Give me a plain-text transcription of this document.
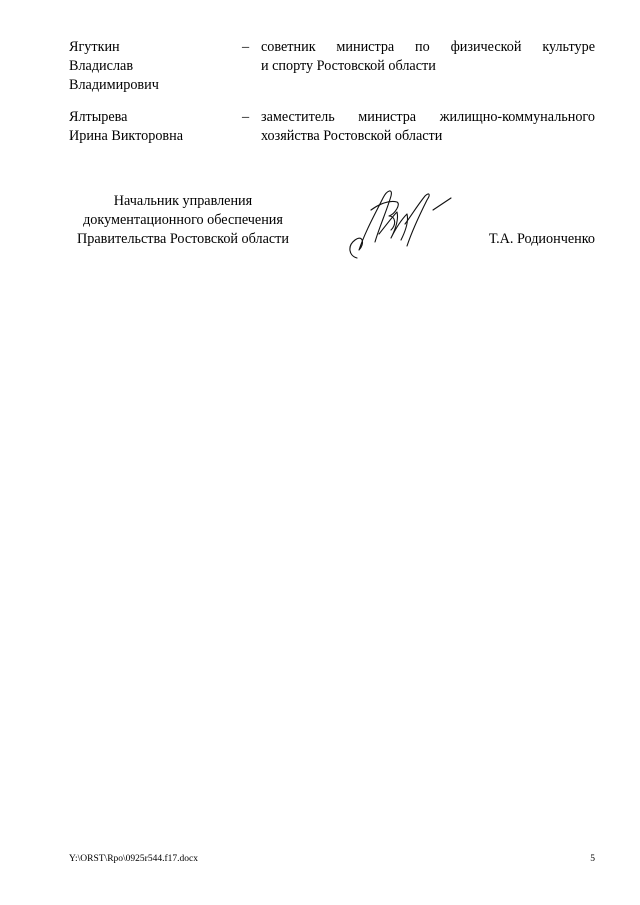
Ягуткин
Владислав
Владимирович
– советник министра по физической культуре
и спорту Ростовской области
Ялтырева
Ирина Викторовна
– заместитель министра жилищно-коммунального
хозяйства Ростовской области
Начальник управления
документационного обеспечения
Правительства Ростовской области	Т.А. Родионченко
Y:\ORST\Rpo\0925r544.f17.docx	5
